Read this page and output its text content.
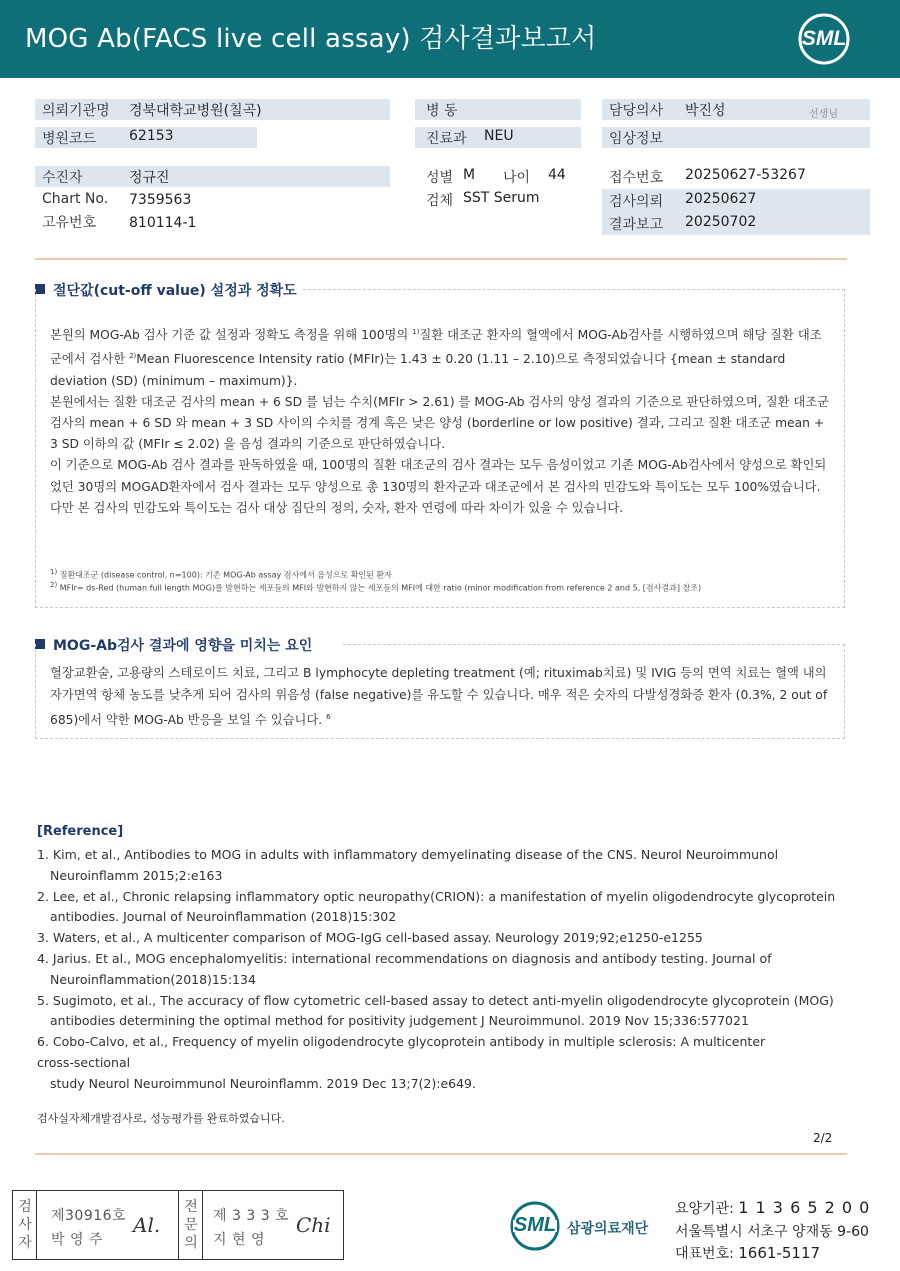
MOG Ab(FACS live cell assay) 검사결과보고서	SML
의뢰기관명 경북대학교병원(칠곡)
병원코드 62153
수진자	정규진
Chart No. 7359563
고유번호 810114-1
병 동
진료과 NEU
성별 M 나이 44
검체 SST Serum
담당의사 박진성	선생님
임상정보
접수번호 20250627-53267
검사의뢰 20250627
결과보고 20250702
절단값(cut-off value) 설정과 정확도

본원의 MOG-Ab 검사 기준 값 설정과 정확도 측정을 위해 100명의 $^{1)}$질환 대조군 환자의 혈액에서 MOG-Ab검사를 시행하였으며 해당 질환 대조군에서 검사한 $^{2)}$Mean Fluorescence Intensity ratio (MFIr)는 1.43 ± 0.20 (1.11 – 2.10)으로 측정되었습니다 {mean ± standard deviation (SD) (minimum – maximum)}.

본원에서는 질환 대조군 검사의 mean + 6 SD 를 넘는 수치(MFIr > 2.61) 를 MOG-Ab 검사의 양성 결과의 기준으로 판단하였으며, 질환 대조군 검사의 mean + 6 SD 와 mean + 3 SD 사이의 수치를 경계 혹은 낮은 양성 (borderline or low positive) 결과, 그리고 질환 대조군 mean + 3 SD 이하의 값 (MFIr ≤ 2.02) 을 음성 결과의 기준으로 판단하였습니다.

이 기준으로 MOG-Ab 검사 결과를 판독하였을 때, 100명의 질환 대조군의 검사 결과는 모두 음성이었고 기존 MOG-Ab검사에서 양성으로 확인되었던 30명의 MOGAD환자에서 검사 결과는 모두 양성으로 총 130명의 환자군과 대조군에서 본 검사의 민감도와 특이도는 모두 100%였습니다. 다만 본 검사의 민감도와 특이도는 검사 대상 집단의 정의, 숫자, 환자 연령에 따라 차이가 있을 수 있습니다.

$^{1)}$ 질환대조군 (disease control, n=100): 기존 MOG-Ab assay 검사에서 음성으로 확인된 환자
$^{2)}$ MFIr= ds-Red (human full length MOG)를 발현하는 세포들의 MFI와 발현하지 않는 세포들의 MFI에 대한 ratio (minor modification from reference 2 and 5, [검사결과] 참조)
MOG-Ab검사 결과에 영향을 미치는 요인
혈장교환술, 고용량의 스테로이드 치료, 그리고 B lymphocyte depleting treatment (예; rituximab치료) 및 IVIG 등의 면역 치료는 혈액 내의 자가면역 항체 농도를 낮추게 되어 검사의 위음성 (false negative)를 유도할 수 있습니다. 매우 적은 숫자의 다발성경화증 환자 (0.3%, 2 out of 685)에서 약한 MOG-Ab 반응을 보일 수 있습니다. $^6$
[Reference]
1. Kim, et al., Antibodies to MOG in adults with inflammatory demyelinating disease of the CNS. Neurol Neuroimmunol
Neuroinflamm 2015;2:e163
2. Lee, et al., Chronic relapsing inflammatory optic neuropathy(CRION): a manifestation of myelin oligodendrocyte glycoprotein
antibodies. Journal of Neuroinflammation (2018)15:302
3. Waters, et al., A multicenter comparison of MOG-IgG cell-based assay. Neurology 2019;92;e1250-e1255
4. Jarius. Et al., MOG encephalomyelitis: international recommendations on diagnosis and antibody testing. Journal of
Neuroinflammation(2018)15:134
5. Sugimoto, et al., The accuracy of flow cytometric cell-based assay to detect anti-myelin oligodendrocyte glycoprotein (MOG)
antibodies determining the optimal method for positivity judgement J Neuroimmunol. 2019 Nov 15;336:577021
6. Cobo-Calvo, et al., Frequency of myelin oligodendrocyte glycoprotein antibody in multiple sclerosis: A multicenter
cross-sectional
study Neurol Neuroimmunol Neuroinflamm. 2019 Dec 13;7(2):e649.
검사실자체개발검사로, 성능평가를 완료하였습니다.
2/2
검
사
자
제30916호
박 영 주
Al.
전
문
의
제 3 3 3 호
지 현 영
Chi	SML 삼광의료재단
요양기관: 1 1 3 6 5 2 0 0
서울특별시 서초구 양재동 9-60
대표번호: 1661-5117
